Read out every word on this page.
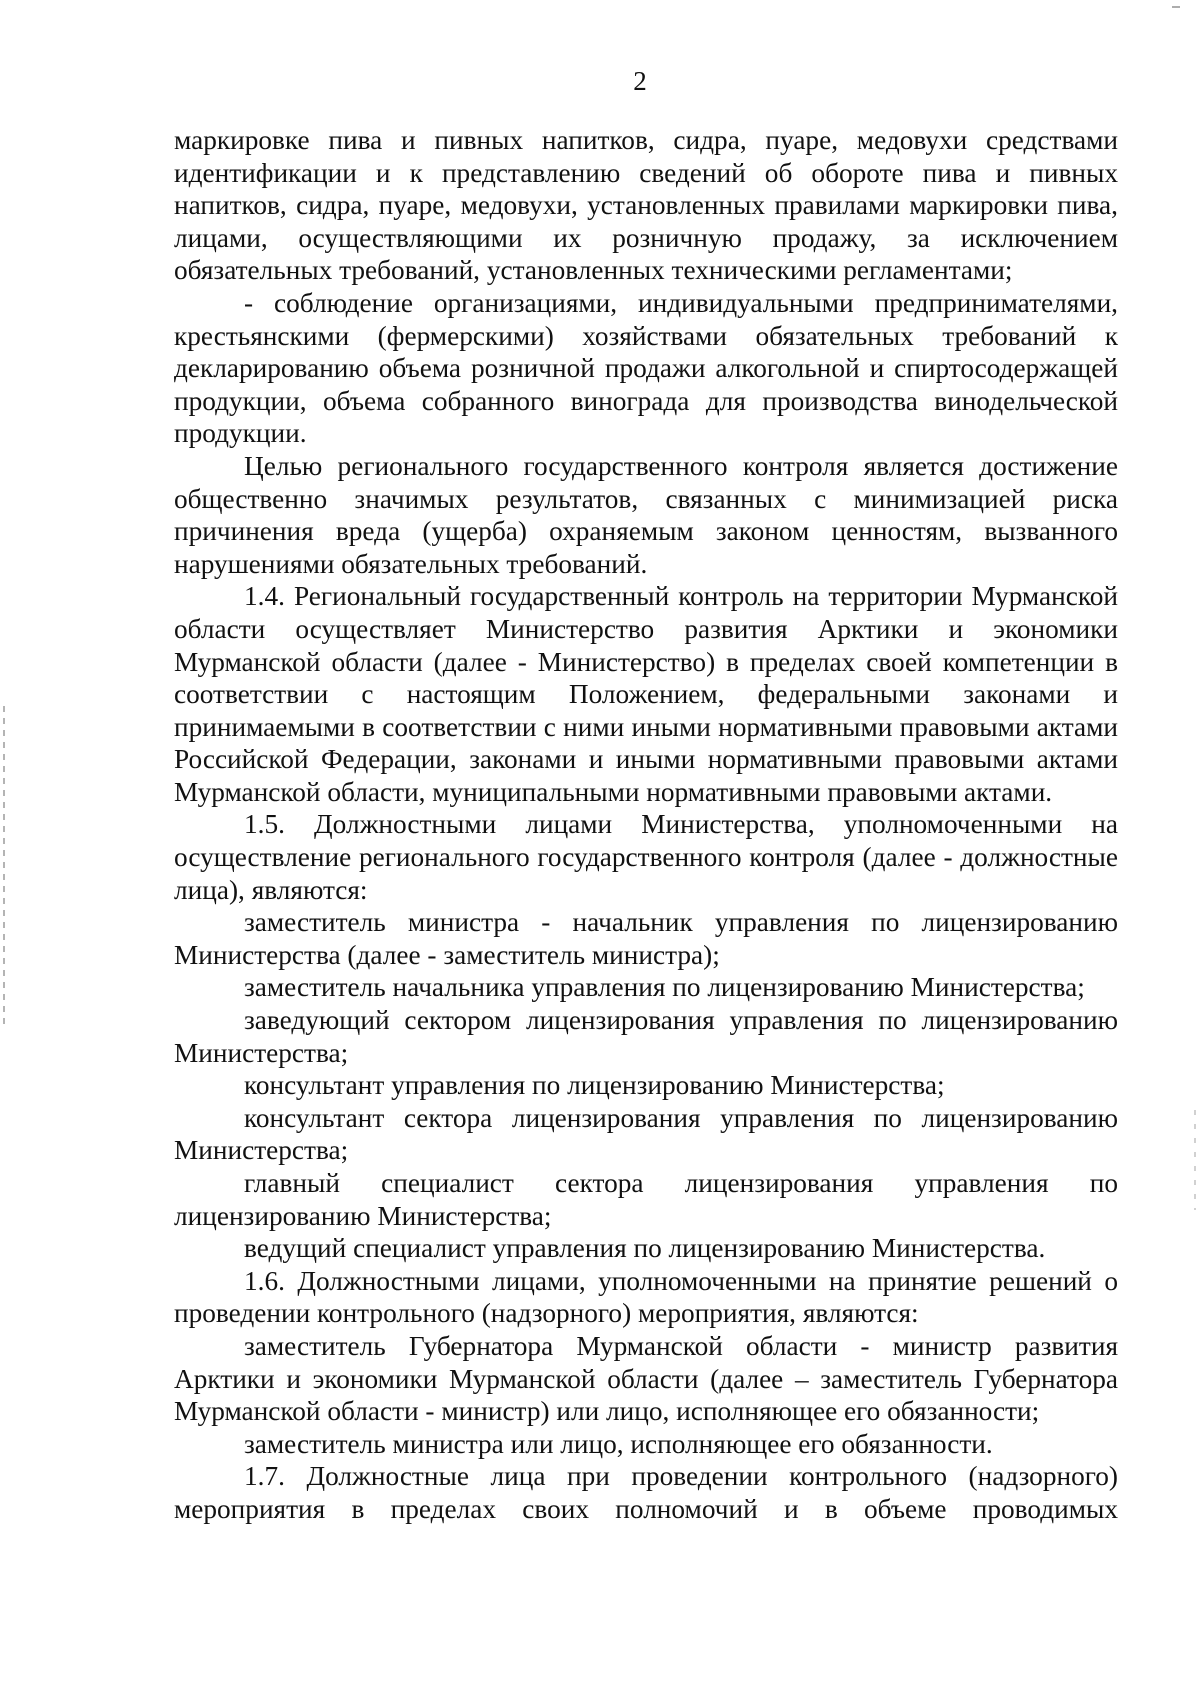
2

маркировке пива и пивных напитков, сидра, пуаре, медовухи средствами идентификации и к представлению сведений об обороте пива и пивных напитков, сидра, пуаре, медовухи, установленных правилами маркировки пива, лицами, осуществляющими их розничную продажу, за исключением обязательных требований, установленных техническими регламентами;

- соблюдение организациями, индивидуальными предпринимателями, крестьянскими (фермерскими) хозяйствами обязательных требований к декларированию объема розничной продажи алкогольной и спиртосодержащей продукции, объема собранного винограда для производства винодельческой продукции.

Целью регионального государственного контроля является достижение общественно значимых результатов, связанных с минимизацией риска причинения вреда (ущерба) охраняемым законом ценностям, вызванного нарушениями обязательных требований.

1.4. Региональный государственный контроль на территории Мурманской области осуществляет Министерство развития Арктики и экономики Мурманской области (далее - Министерство) в пределах своей компетенции в соответствии с настоящим Положением, федеральными законами и принимаемыми в соответствии с ними иными нормативными правовыми актами Российской Федерации, законами и иными нормативными правовыми актами Мурманской области, муниципальными нормативными правовыми актами.

1.5. Должностными лицами Министерства, уполномоченными на осуществление регионального государственного контроля (далее - должностные лица), являются:

заместитель министра - начальник управления по лицензированию Министерства (далее - заместитель министра);

заместитель начальника управления по лицензированию Министерства;

заведующий сектором лицензирования управления по лицензированию Министерства;

консультант управления по лицензированию Министерства;

консультант сектора лицензирования управления по лицензированию Министерства;

главный специалист сектора лицензирования управления по лицензированию Министерства;

ведущий специалист управления по лицензированию Министерства.

1.6. Должностными лицами, уполномоченными на принятие решений о проведении контрольного (надзорного) мероприятия, являются:

заместитель Губернатора Мурманской области - министр развития Арктики и экономики Мурманской области (далее – заместитель Губернатора Мурманской области - министр) или лицо, исполняющее его обязанности;

заместитель министра или лицо, исполняющее его обязанности.

1.7. Должностные лица при проведении контрольного (надзорного) мероприятия в пределах своих полномочий и в объеме проводимых
